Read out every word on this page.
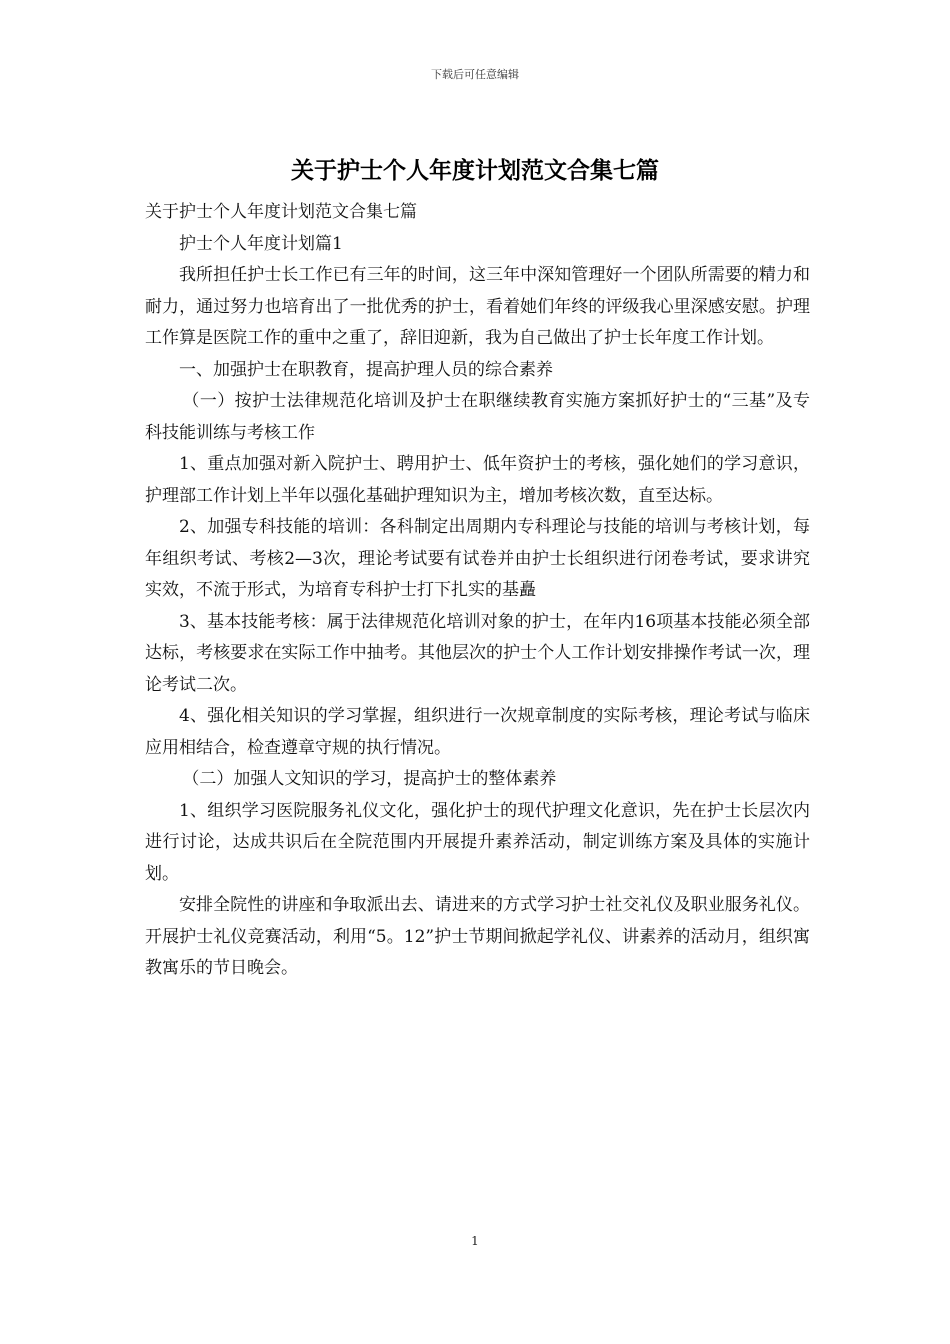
下载后可任意编辑
关于护士个人年度计划范文合集七篇

关于护士个人年度计划范文合集七篇

护士个人年度计划篇1

我所担任护士长工作已有三年的时间，这三年中深知管理好一个团队所需要的精力和耐力，通过努力也培育出了一批优秀的护士，看着她们年终的评级我心里深感安慰。护理工作算是医院工作的重中之重了，辞旧迎新，我为自己做出了护士长年度工作计划。

一、加强护士在职教育，提高护理人员的综合素养

（一）按护士法律规范化培训及护士在职继续教育实施方案抓好护士的“三基”及专科技能训练与考核工作

1、重点加强对新入院护士、聘用护士、低年资护士的考核，强化她们的学习意识，护理部工作计划上半年以强化基础护理知识为主，增加考核次数，直至达标。

2、加强专科技能的培训：各科制定出周期内专科理论与技能的培训与考核计划，每年组织考试、考核2—3次，理论考试要有试卷并由护士长组织进行闭卷考试，要求讲究实效，不流于形式，为培育专科护士打下扎实的基矗

3、基本技能考核：属于法律规范化培训对象的护士，在年内16项基本技能必须全部达标，考核要求在实际工作中抽考。其他层次的护士个人工作计划安排操作考试一次，理论考试二次。

4、强化相关知识的学习掌握，组织进行一次规章制度的实际考核，理论考试与临床应用相结合，检查遵章守规的执行情况。

（二）加强人文知识的学习，提高护士的整体素养

1、组织学习医院服务礼仪文化，强化护士的现代护理文化意识，先在护士长层次内进行讨论，达成共识后在全院范围内开展提升素养活动，制定训练方案及具体的实施计划。

安排全院性的讲座和争取派出去、请进来的方式学习护士社交礼仪及职业服务礼仪。开展护士礼仪竞赛活动，利用“5。12”护士节期间掀起学礼仪、讲素养的活动月，组织寓教寓乐的节日晚会。

1
